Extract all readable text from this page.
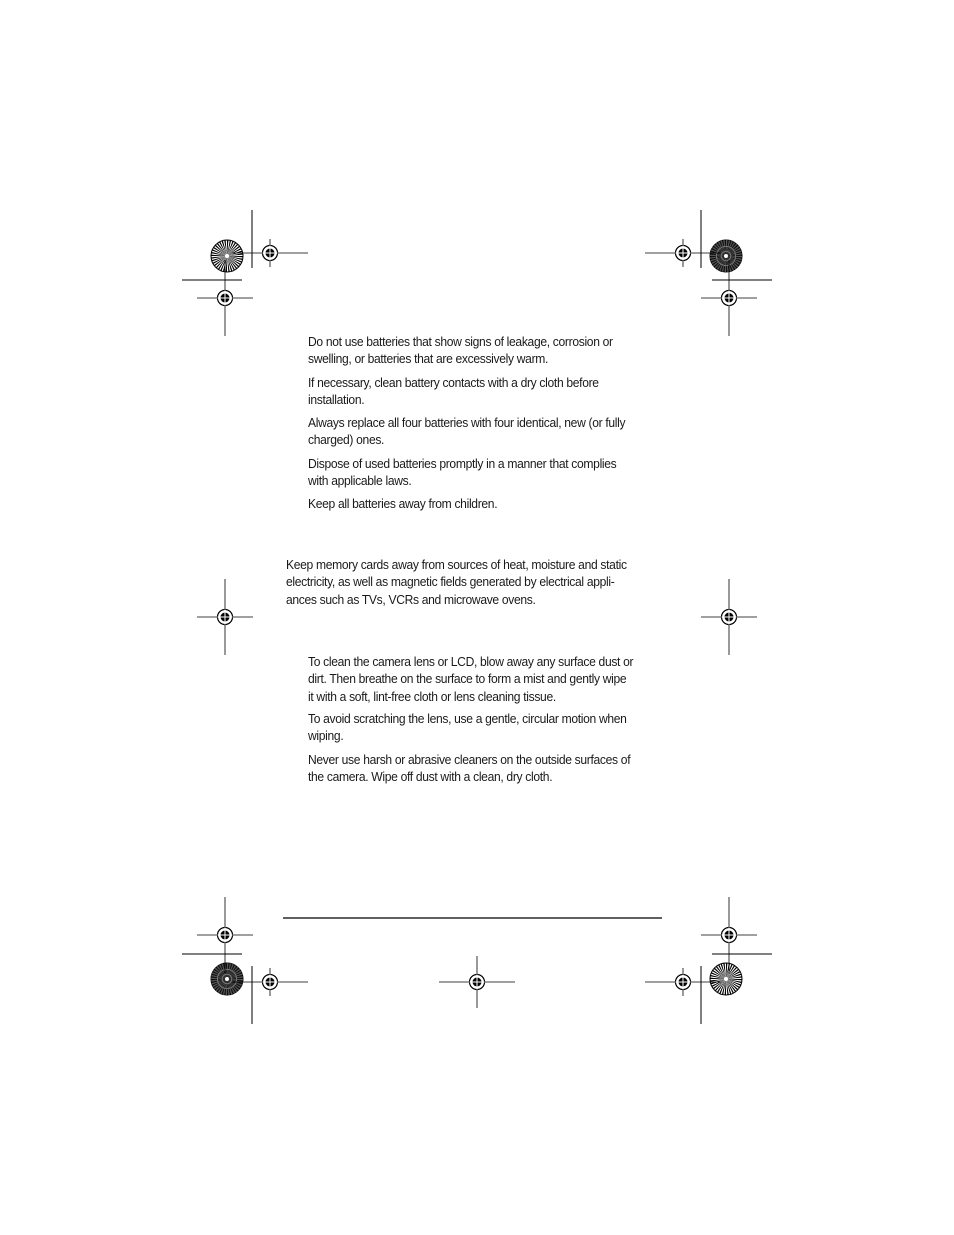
Do not use batteries that show signs of leakage, corrosion or
swelling, or batteries that are excessively warm.
If necessary, clean battery contacts with a dry cloth before
installation.
Always replace all four batteries with four identical, new (or fully
charged) ones.
Dispose of used batteries promptly in a manner that complies
with applicable laws.
Keep all batteries away from children.
Keep memory cards away from sources of heat, moisture and static
electricity, as well as magnetic fields generated by electrical appli-
ances such as TVs, VCRs and microwave ovens.
To clean the camera lens or LCD, blow away any surface dust or
dirt. Then breathe on the surface to form a mist and gently wipe
it with a soft, lint-free cloth or lens cleaning tissue.
To avoid scratching the lens, use a gentle, circular motion when
wiping.
Never use harsh or abrasive cleaners on the outside surfaces of
the camera. Wipe off dust with a clean, dry cloth.
